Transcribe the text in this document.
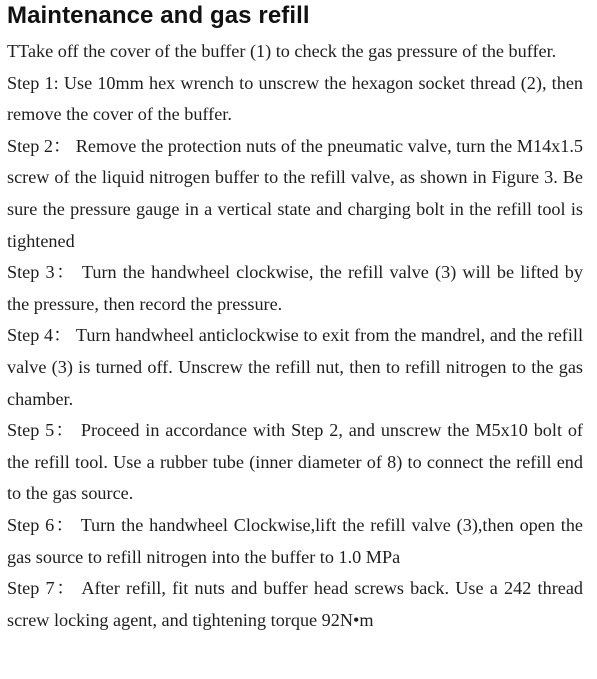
Maintenance and gas refill

TTake off the cover of the buffer (1) to check the gas pressure of the buffer.

Step 1: Use 10mm hex wrench to unscrew the hexagon socket thread (2), then remove the cover of the buffer.

Step 2： Remove the protection nuts of the pneumatic valve, turn the M14x1.5 screw of the liquid nitrogen buffer to the refill valve, as shown in Figure 3. Be sure the pressure gauge in a vertical state and charging bolt in the refill tool is tightened

Step 3： Turn the handwheel clockwise, the refill valve (3) will be lifted by the pressure, then record the pressure.

Step 4： Turn handwheel anticlockwise to exit from the mandrel, and the refill valve (3) is turned off. Unscrew the refill nut, then to refill nitrogen to the gas chamber.

Step 5： Proceed in accordance with Step 2, and unscrew the M5x10 bolt of the refill tool. Use a rubber tube (inner diameter of 8) to connect the refill end to the gas source.

Step 6： Turn the handwheel Clockwise,lift the refill valve (3),then open the gas source to refill nitrogen into the buffer to 1.0 MPa

Step 7： After refill, fit nuts and buffer head screws back. Use a 242 thread screw locking agent, and tightening torque 92N•m
